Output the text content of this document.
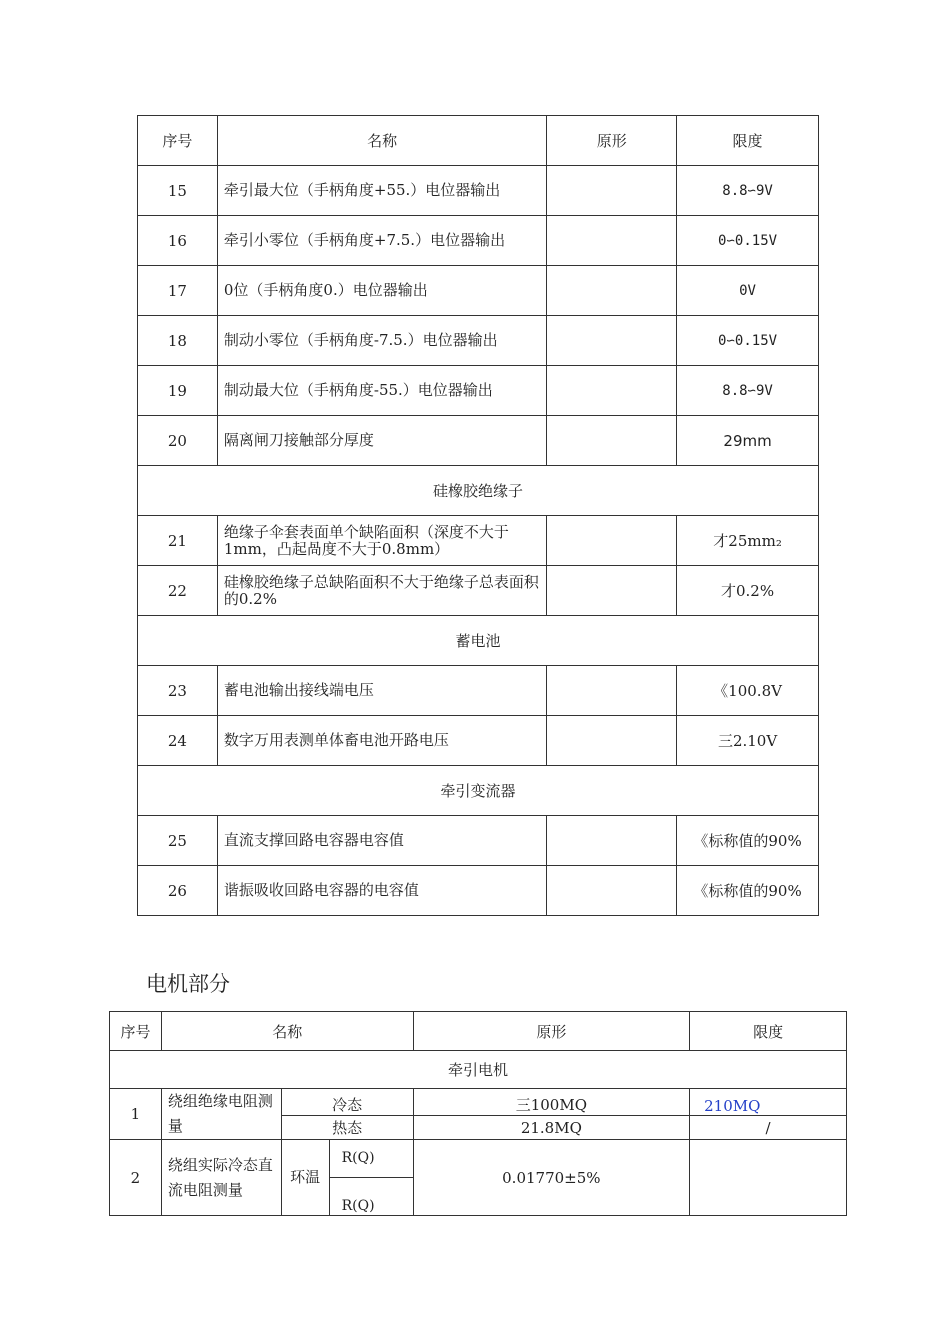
序号	名称	原形	限度
15	牵引最大位（手柄角度+55.）电位器输出		8.8∽9V
16	牵引小零位（手柄角度+7.5.）电位器输出		0∽0.15V
17	0位（手柄角度0.）电位器输出		0V
18	制动小零位（手柄角度-7.5.）电位器输出		0∽0.15V
19	制动最大位（手柄角度-55.）电位器输出		8.8∽9V
20	隔离闸刀接触部分厚度		29mm
硅橡胶绝缘子			
21	绝缘子伞套表面单个缺陷面积（深度不大于1mm，凸起咼度不大于0.8mm）		才25mm₂
22	硅橡胶绝缘子总缺陷面积不大于绝缘子总表面积的0.2%		才0.2%
蓄电池			
23	蓄电池输出接线端电压		《100.8V
24	数字万用表测单体畜电池开路电压		三2.10V
牵引变流器			
25	直流支撑回路电容器电容值		《标称值的90%
26	谐振吸收回路电容器的电容值		《标称值的90%
电机部分
序号	名称			原形	限度
牵引电机					
1	绕组绝缘电阻测量	冷态		三100MQ	210MQ
		热态		21.8MQ	/
2	绕组实际冷态直流电阻测量	环温	R(Q)	0.01770±5%	
			R(Q)		
